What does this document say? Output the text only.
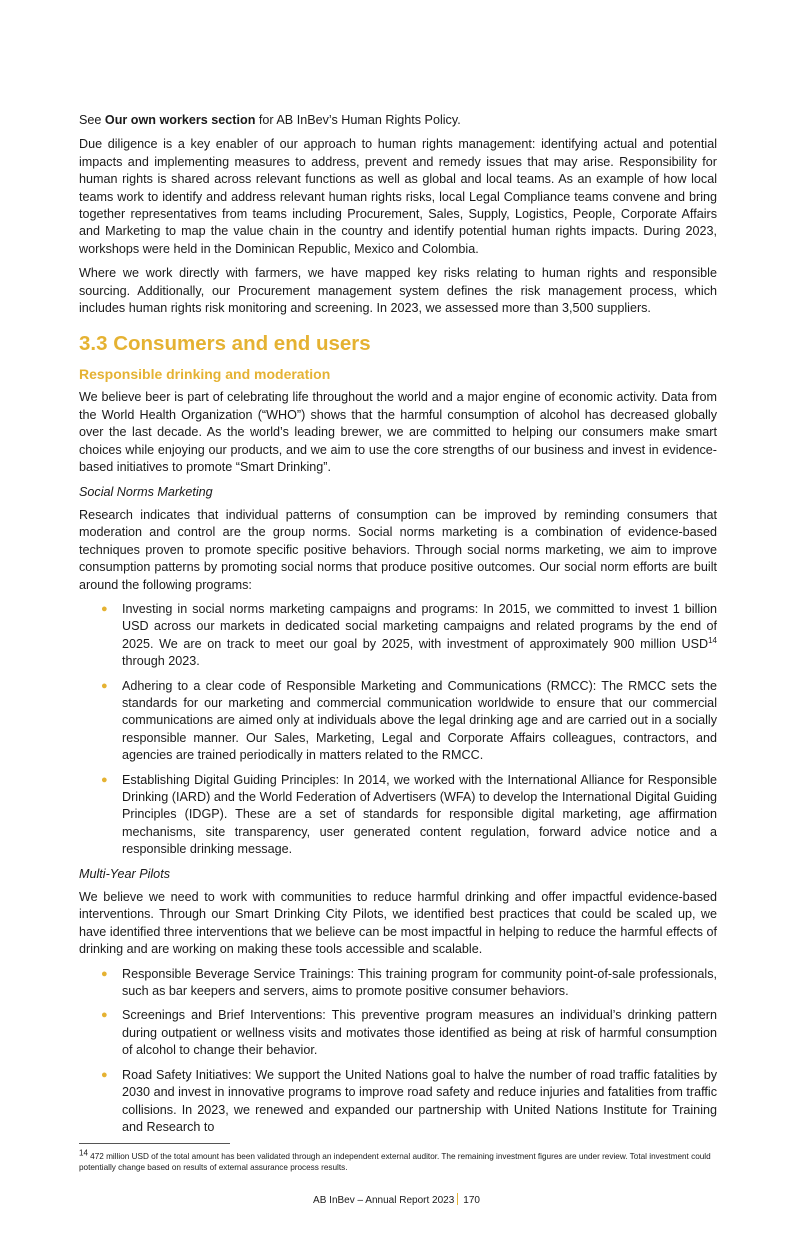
See Our own workers section for AB InBev’s Human Rights Policy.

Due diligence is a key enabler of our approach to human rights management: identifying actual and potential impacts and implementing measures to address, prevent and remedy issues that may arise. Responsibility for human rights is shared across relevant functions as well as global and local teams. As an example of how local teams work to identify and address relevant human rights risks, local Legal Compliance teams convene and bring together representatives from teams including Procurement, Sales, Supply, Logistics, People, Corporate Affairs and Marketing to map the value chain in the country and identify potential human rights impacts. During 2023, workshops were held in the Dominican Republic, Mexico and Colombia.

Where we work directly with farmers, we have mapped key risks relating to human rights and responsible sourcing. Additionally, our Procurement management system defines the risk management process, which includes human rights risk monitoring and screening. In 2023, we assessed more than 3,500 suppliers.

3.3 Consumers and end users
Responsible drinking and moderation

We believe beer is part of celebrating life throughout the world and a major engine of economic activity. Data from the World Health Organization (“WHO”) shows that the harmful consumption of alcohol has decreased globally over the last decade. As the world’s leading brewer, we are committed to helping our consumers make smart choices while enjoying our products, and we aim to use the core strengths of our business and invest in evidence-based initiatives to promote “Smart Drinking”.

Social Norms Marketing

Research indicates that individual patterns of consumption can be improved by reminding consumers that moderation and control are the group norms. Social norms marketing is a combination of evidence-based techniques proven to promote specific positive behaviors. Through social norms marketing, we aim to improve consumption patterns by promoting social norms that produce positive outcomes. Our social norm efforts are built around the following programs:

● Investing in social norms marketing campaigns and programs: In 2015, we committed to invest 1 billion USD across our markets in dedicated social marketing campaigns and related programs by the end of 2025. We are on track to meet our goal by 2025, with investment of approximately 900 million USD$^{14}$ through 2023.
● Adhering to a clear code of Responsible Marketing and Communications (RMCC): The RMCC sets the standards for our marketing and commercial communication worldwide to ensure that our commercial communications are aimed only at individuals above the legal drinking age and are carried out in a socially responsible manner. Our Sales, Marketing, Legal and Corporate Affairs colleagues, contractors, and agencies are trained periodically in matters related to the RMCC.
● Establishing Digital Guiding Principles: In 2014, we worked with the International Alliance for Responsible Drinking (IARD) and the World Federation of Advertisers (WFA) to develop the International Digital Guiding Principles (IDGP). These are a set of standards for responsible digital marketing, age affirmation mechanisms, site transparency, user generated content regulation, forward advice notice and a responsible drinking message.

Multi-Year Pilots

We believe we need to work with communities to reduce harmful drinking and offer impactful evidence-based interventions. Through our Smart Drinking City Pilots, we identified best practices that could be scaled up, we have identified three interventions that we believe can be most impactful in helping to reduce the harmful effects of drinking and are working on making these tools accessible and scalable.

● Responsible Beverage Service Trainings: This training program for community point-of-sale professionals, such as bar keepers and servers, aims to promote positive consumer behaviors.
● Screenings and Brief Interventions: This preventive program measures an individual’s drinking pattern during outpatient or wellness visits and motivates those identified as being at risk of harmful consumption of alcohol to change their behavior.
● Road Safety Initiatives: We support the United Nations goal to halve the number of road traffic fatalities by 2030 and invest in innovative programs to improve road safety and reduce injuries and fatalities from traffic collisions. In 2023, we renewed and expanded our partnership with United Nations Institute for Training and Research to
$^{14}$ 472 million USD of the total amount has been validated through an independent external auditor. The remaining investment figures are under review. Total investment could potentially change based on results of external assurance process results.
AB InBev – Annual Report 2023 170
